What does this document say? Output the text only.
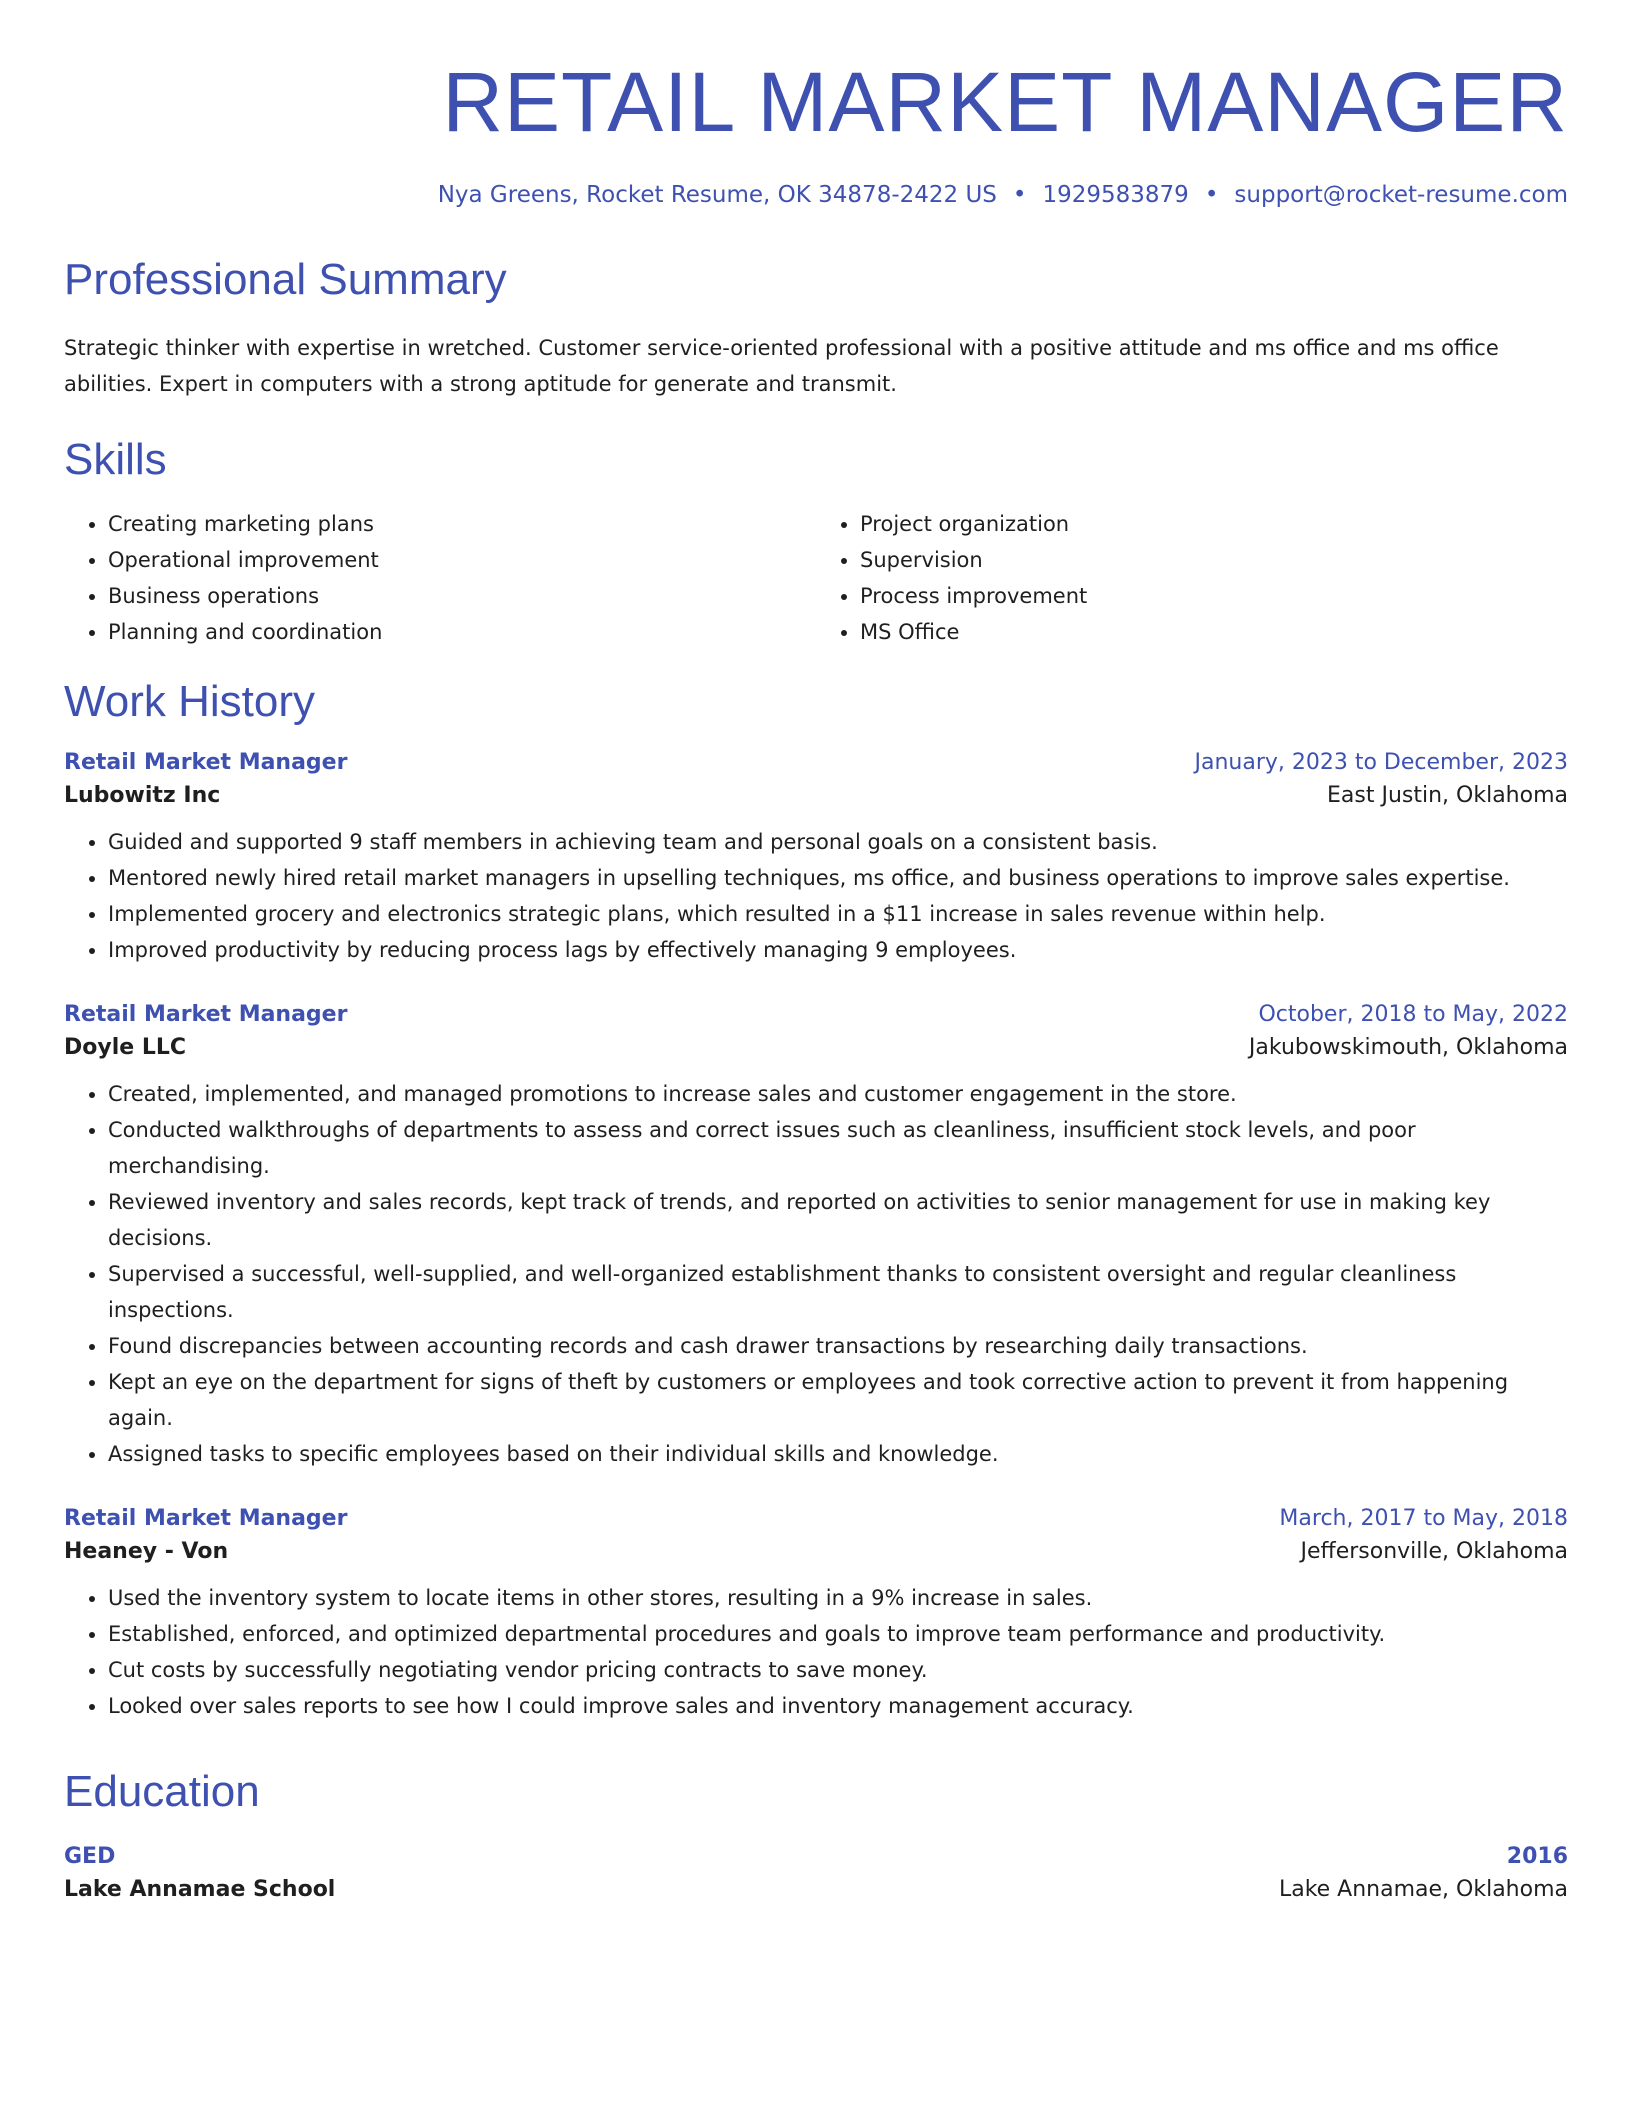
RETAIL MARKET MANAGER
Nya Greens, Rocket Resume, OK 34878-2422 US • 1929583879 • support@rocket-resume.com
Professional Summary
Strategic thinker with expertise in wretched. Customer service-oriented professional with a positive attitude and ms office and ms office abilities. Expert in computers with a strong aptitude for generate and transmit.
Skills
• Creating marketing plans
• Operational improvement
• Business operations
• Planning and coordination
• Project organization
• Supervision
• Process improvement
• MS Office
Work History
Retail Market Manager	January, 2023 to December, 2023
Lubowitz Inc	East Justin, Oklahoma
• Guided and supported 9 staff members in achieving team and personal goals on a consistent basis.
• Mentored newly hired retail market managers in upselling techniques, ms office, and business operations to improve sales expertise.
• Implemented grocery and electronics strategic plans, which resulted in a $11 increase in sales revenue within help.
• Improved productivity by reducing process lags by effectively managing 9 employees.
Retail Market Manager	October, 2018 to May, 2022
Doyle LLC	Jakubowskimouth, Oklahoma
• Created, implemented, and managed promotions to increase sales and customer engagement in the store.
• Conducted walkthroughs of departments to assess and correct issues such as cleanliness, insufficient stock levels, and poor merchandising.
• Reviewed inventory and sales records, kept track of trends, and reported on activities to senior management for use in making key decisions.
• Supervised a successful, well-supplied, and well-organized establishment thanks to consistent oversight and regular cleanliness inspections.
• Found discrepancies between accounting records and cash drawer transactions by researching daily transactions.
• Kept an eye on the department for signs of theft by customers or employees and took corrective action to prevent it from happening again.
• Assigned tasks to specific employees based on their individual skills and knowledge.
Retail Market Manager	March, 2017 to May, 2018
Heaney - Von	Jeffersonville, Oklahoma
• Used the inventory system to locate items in other stores, resulting in a 9% increase in sales.
• Established, enforced, and optimized departmental procedures and goals to improve team performance and productivity.
• Cut costs by successfully negotiating vendor pricing contracts to save money.
• Looked over sales reports to see how I could improve sales and inventory management accuracy.
Education
GED	2016
Lake Annamae School	Lake Annamae, Oklahoma
